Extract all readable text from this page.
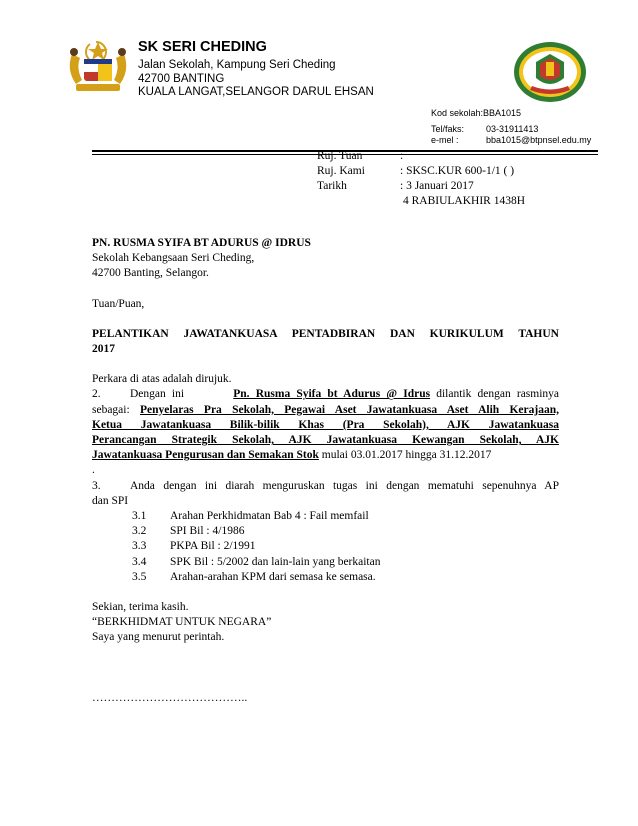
SK SERI CHEDING
Jalan Sekolah, Kampung Seri Cheding
42700 BANTING
KUALA LANGAT,SELANGOR DARUL EHSAN
Kod sekolah:BBA1015
Tel/faks: 03-31911413
e-mel :	bba1015@btpnsel.edu.my
Ruj. Tuan	:
Ruj. Kami	: SKSC.KUR 600-1/1 ( )
Tarikh	: 3 Januari 2017
4 RABIULAKHIR 1438H

PN. RUSMA SYIFA BT ADURUS @ IDRUS

Sekolah Kebangsaan Seri Cheding,

42700 Banting, Selangor.

Tuan/Puan,

PELANTIKAN JAWATANKUASA PENTADBIRAN DAN KURIKULUM TAHUN

2017

Perkara di atas adalah dirujuk.

2.	Dengan ini	Pn. Rusma Syifa bt Adurus @ Idrus dilantik dengan rasminya

sebagai: Penyelaras Pra Sekolah, Pegawai Aset Jawatankuasa Aset Alih Kerajaan,

Ketua Jawatankuasa Bilik-bilik Khas (Pra Sekolah), AJK Jawatankuasa

Perancangan Strategik Sekolah, AJK Jawatankuasa Kewangan Sekolah, AJK

Jawatankuasa Pengurusan dan Semakan Stok mulai 03.01.2017 hingga 31.12.2017

.

3.	Anda dengan ini diarah menguruskan tugas ini dengan mematuhi sepenuhnya AP

dan SPI

3.1 Arahan Perkhidmatan Bab 4 : Fail memfail

3.2 SPI Bil : 4/1986

3.3 PKPA Bil : 2/1991

3.4 SPK Bil : 5/2002 dan lain-lain yang berkaitan

3.5 Arahan-arahan KPM dari semasa ke semasa.

Sekian, terima kasih.

“BERKHIDMAT UNTUK NEGARA”

Saya yang menurut perintah.

…………………………………..
